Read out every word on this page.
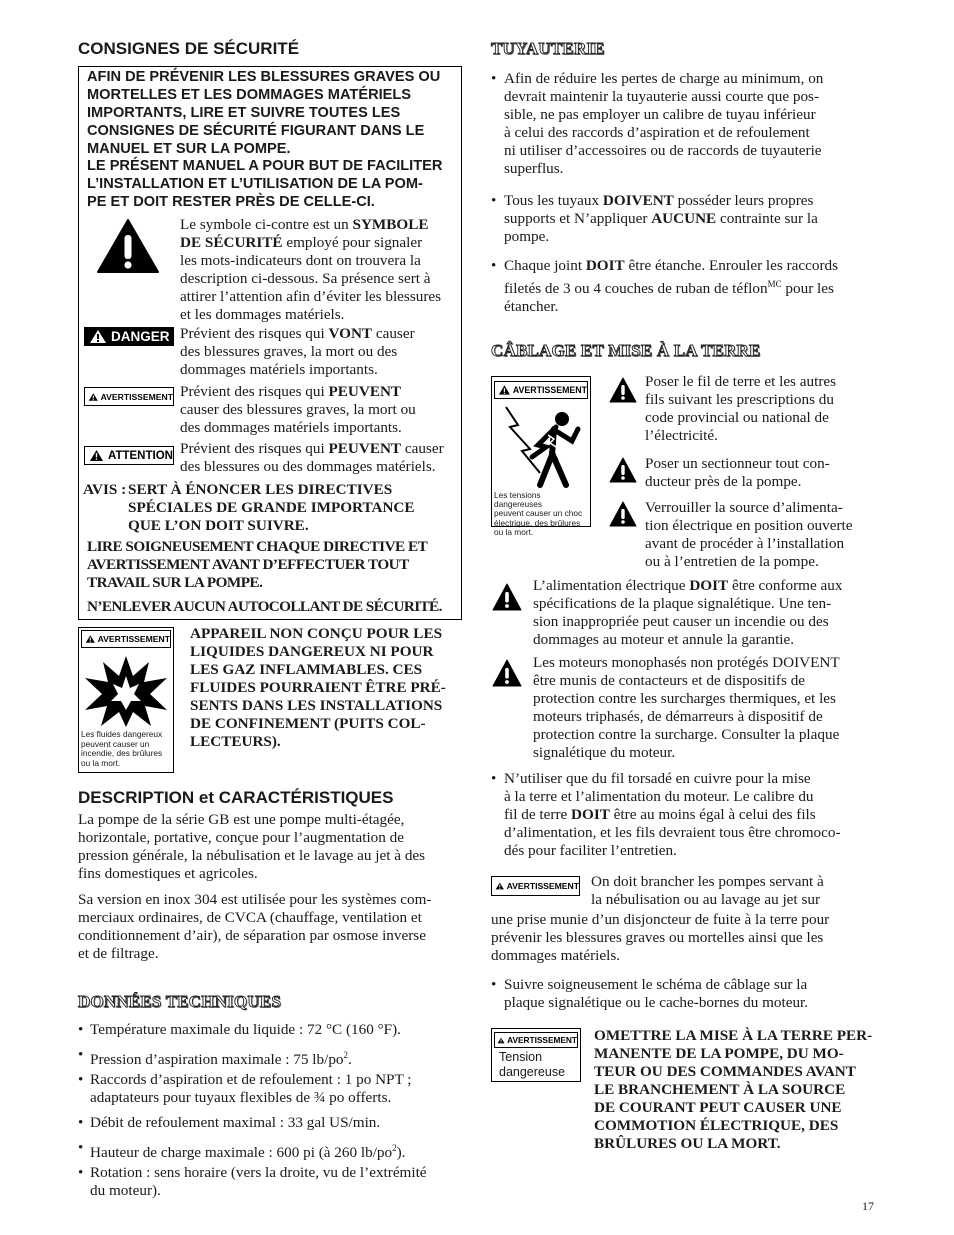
CONSIGNES DE SÉCURITÉ
AFIN DE PRÉVENIR LES BLESSURES GRAVES OU
MORTELLES ET LES DOMMAGES MATÉRIELS
IMPORTANTS, LIRE ET SUIVRE TOUTES LES
CONSIGNES DE SÉCURITÉ FIGURANT DANS LE
MANUEL ET SUR LA POMPE.
LE PRÉSENT MANUEL A POUR BUT DE FACILITER
L’INSTALLATION ET L’UTILISATION DE LA POM-
PE ET DOIT RESTER PRÈS DE CELLE-CI.
Le symbole ci-contre est un SYMBOLE
DE SÉCURITÉ employé pour signaler
les mots-indicateurs dont on trouvera la
description ci-dessous. Sa présence sert à
attirer l’attention afin d’éviter les blessures
et les dommages matériels.
DANGER Prévient des risques qui VONT causer
des blessures graves, la mort ou des
dommages matériels importants.
AVERTISSEMENT Prévient des risques qui PEUVENT
causer des blessures graves, la mort ou
des dommages matériels importants.
ATTENTION Prévient des risques qui PEUVENT causer
des blessures ou des dommages matériels.
AVIS : SERT À ÉNONCER LES DIRECTIVES
SPÉCIALES DE GRANDE IMPORTANCE
QUE L’ON DOIT SUIVRE.
LIRE SOIGNEUSEMENT CHAQUE DIRECTIVE ET
AVERTISSEMENT AVANT D’EFFECTUER TOUT
TRAVAIL SUR LA POMPE.
N’ENLEVER AUCUN AUTOCOLLANT DE SÉCURITÉ.
AVERTISSEMENT
Les fluides dangereux
peuvent causer un
incendie, des brûlures
ou la mort.
APPAREIL NON CONÇU POUR LES
LIQUIDES DANGEREUX NI POUR
LES GAZ INFLAMMABLES. CES
FLUIDES POURRAIENT ÊTRE PRÉ-
SENTS DANS LES INSTALLATIONS
DE CONFINEMENT (PUITS COL-
LECTEURS).
DESCRIPTION et CARACTÉRISTIQUES
La pompe de la série GB est une pompe multi-étagée,
horizontale, portative, conçue pour l’augmentation de
pression générale, la nébulisation et le lavage au jet à des
fins domestiques et agricoles.
Sa version en inox 304 est utilisée pour les systèmes com-
merciaux ordinaires, de CVCA (chauffage, ventilation et
conditionnement d’air), de séparation par osmose inverse
et de filtrage.
DONNÉES TECHNIQUES
• Température maximale du liquide : 72 °C (160 °F).
• Pression d’aspiration maximale : 75 $lb/po^2$.
• Raccords d’aspiration et de refoulement : 1 po NPT ;
adaptateurs pour tuyaux flexibles de ¾ po offerts.
• Débit de refoulement maximal : 33 gal US/min.
• Hauteur de charge maximale : 600 pi (à 260 $lb/po^2$).
• Rotation : sens horaire (vers la droite, vu de l’extrémité
du moteur).
TUYAUTERIE
• Afin de réduire les pertes de charge au minimum, on
devrait maintenir la tuyauterie aussi courte que pos-
sible, ne pas employer un calibre de tuyau inférieur
à celui des raccords d’aspiration et de refoulement
ni utiliser d’accessoires ou de raccords de tuyauterie
superflus.
• Tous les tuyaux DOIVENT posséder leurs propres
supports et N’appliquer AUCUNE contrainte sur la
pompe.
• Chaque joint DOIT être étanche. Enrouler les raccords
filetés de 3 ou 4 couches de ruban de téflon$^{MC}$ pour les
étancher.
CÂBLAGE ET MISE À LA TERRE
AVERTISSEMENT
Les tensions dangereuses
peuvent causer un choc
électrique, des brûlures
ou la mort.
Poser le fil de terre et les autres
fils suivant les prescriptions du
code provincial ou national de
l’électricité.
Poser un sectionneur tout con-
ducteur près de la pompe.
Verrouiller la source d’alimenta-
tion électrique en position ouverte
avant de procéder à l’installation
ou à l’entretien de la pompe.
L’alimentation électrique DOIT être conforme aux
spécifications de la plaque signalétique. Une ten-
sion inappropriée peut causer un incendie ou des
dommages au moteur et annule la garantie.
Les moteurs monophasés non protégés DOIVENT
être munis de contacteurs et de dispositifs de
protection contre les surcharges thermiques, et les
moteurs triphasés, de démarreurs à dispositif de
protection contre la surcharge. Consulter la plaque
signalétique du moteur.
• N’utiliser que du fil torsadé en cuivre pour la mise
à la terre et l’alimentation du moteur. Le calibre du
fil de terre DOIT être au moins égal à celui des fils
d’alimentation, et les fils devraient tous être chromoco-
dés pour faciliter l’entretien.
AVERTISSEMENT On doit brancher les pompes servant à
la nébulisation ou au lavage au jet sur
une prise munie d’un disjoncteur de fuite à la terre pour
prévenir les blessures graves ou mortelles ainsi que les
dommages matériels.
• Suivre soigneusement le schéma de câblage sur la
plaque signalétique ou le cache-bornes du moteur.
AVERTISSEMENT
Tension
dangereuse
OMETTRE LA MISE À LA TERRE PER-
MANENTE DE LA POMPE, DU MO-
TEUR OU DES COMMANDES AVANT
LE BRANCHEMENT À LA SOURCE
DE COURANT PEUT CAUSER UNE
COMMOTION ÉLECTRIQUE, DES
BRÛLURES OU LA MORT.
17
